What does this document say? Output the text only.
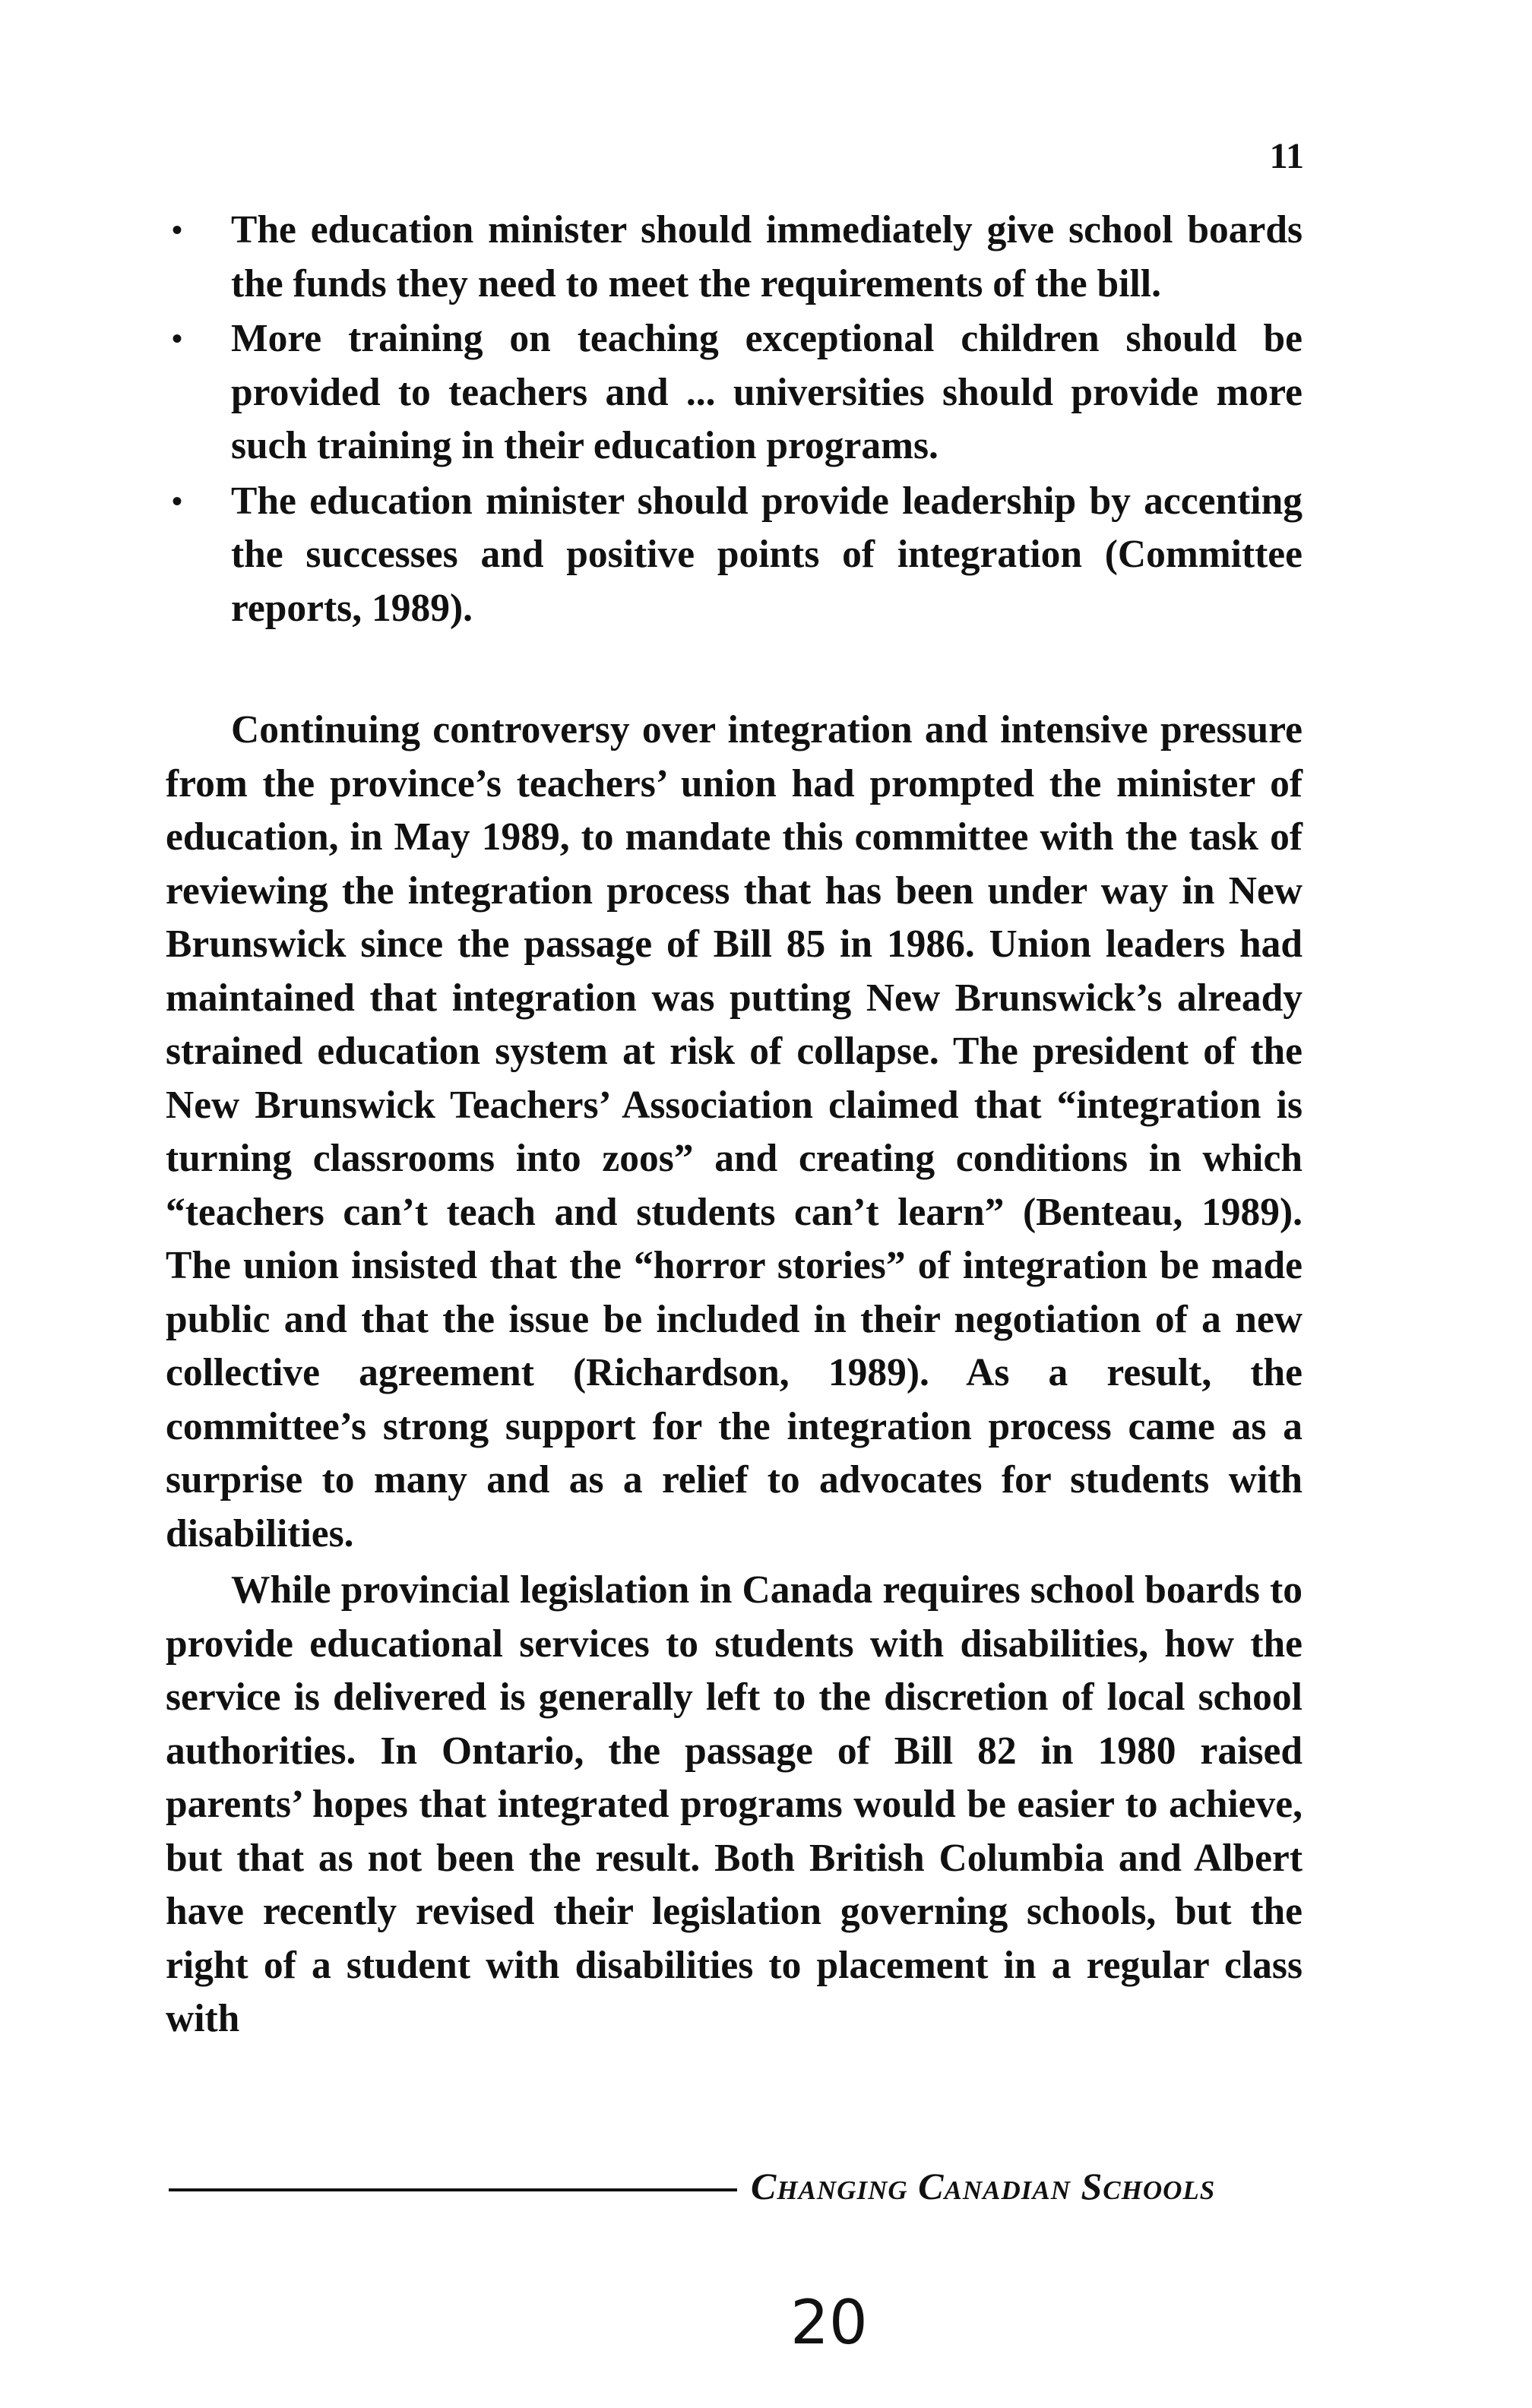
11
• The education minister should immediately give school boards the funds they need to meet the requirements of the bill.
• More training on teaching exceptional children should be provided to teachers and ... universities should provide more such training in their education programs.
• The education minister should provide leadership by accenting the successes and positive points of integration (Committee reports, 1989).

Continuing controversy over integration and intensive pressure from the province’s teachers’ union had prompted the minister of education, in May 1989, to mandate this committee with the task of reviewing the integration process that has been under way in New Brunswick since the passage of Bill 85 in 1986. Union leaders had maintained that integration was putting New Brunswick’s already strained education system at risk of collapse. The president of the New Brunswick Teachers’ Association claimed that “integration is turning classrooms into zoos” and creating conditions in which “teachers can’t teach and students can’t learn” (Benteau, 1989). The union insisted that the “horror stories” of integration be made public and that the issue be included in their negotiation of a new collective agreement (Richardson, 1989). As a result, the committee’s strong support for the integration process came as a surprise to many and as a relief to advocates for students with disabilities.

While provincial legislation in Canada requires school boards to provide educational services to students with disabilities, how the service is delivered is generally left to the discretion of local school authorities. In Ontario, the passage of Bill 82 in 1980 raised parents’ hopes that integrated programs would be easier to achieve, but that as not been the result. Both British Columbia and Albert have recently revised their legislation governing schools, but the right of a student with disabilities to placement in a regular class with

Changing Canadian Schools
20
